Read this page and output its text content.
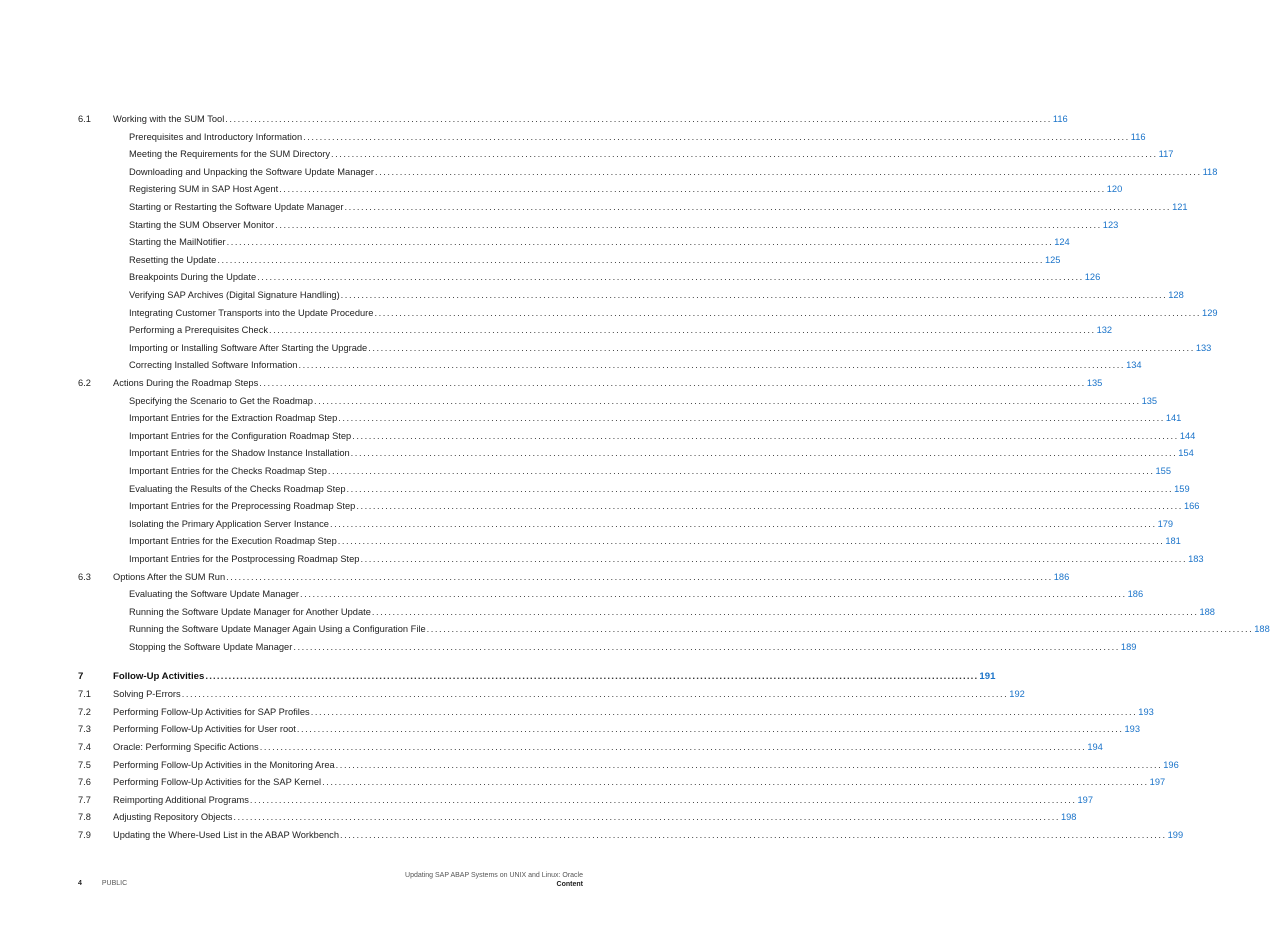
6.1	Working with the SUM Tool ........................................................................................................................................................................................................ 116
Prerequisites and Introductory Information ........................................................................................................................................................................................................ 116
Meeting the Requirements for the SUM Directory ........................................................................................................................................................................................................ 117
Downloading and Unpacking the Software Update Manager ........................................................................................................................................................................................................ 118
Registering SUM in SAP Host Agent ........................................................................................................................................................................................................ 120
Starting or Restarting the Software Update Manager ........................................................................................................................................................................................................ 121
Starting the SUM Observer Monitor ........................................................................................................................................................................................................ 123
Starting the MailNotifier ........................................................................................................................................................................................................ 124
Resetting the Update ........................................................................................................................................................................................................ 125
Breakpoints During the Update ........................................................................................................................................................................................................ 126
Verifying SAP Archives (Digital Signature Handling) ........................................................................................................................................................................................................ 128
Integrating Customer Transports into the Update Procedure ........................................................................................................................................................................................................ 129
Performing a Prerequisites Check ........................................................................................................................................................................................................ 132
Importing or Installing Software After Starting the Upgrade ........................................................................................................................................................................................................ 133
Correcting Installed Software Information ........................................................................................................................................................................................................ 134
6.2	Actions During the Roadmap Steps ........................................................................................................................................................................................................ 135
Specifying the Scenario to Get the Roadmap ........................................................................................................................................................................................................ 135
Important Entries for the Extraction Roadmap Step ........................................................................................................................................................................................................ 141
Important Entries for the Configuration Roadmap Step ........................................................................................................................................................................................................ 144
Important Entries for the Shadow Instance Installation ........................................................................................................................................................................................................ 154
Important Entries for the Checks Roadmap Step ........................................................................................................................................................................................................ 155
Evaluating the Results of the Checks Roadmap Step ........................................................................................................................................................................................................ 159
Important Entries for the Preprocessing Roadmap Step ........................................................................................................................................................................................................ 166
Isolating the Primary Application Server Instance ........................................................................................................................................................................................................ 179
Important Entries for the Execution Roadmap Step ........................................................................................................................................................................................................ 181
Important Entries for the Postprocessing Roadmap Step ........................................................................................................................................................................................................ 183
6.3	Options After the SUM Run ........................................................................................................................................................................................................ 186
Evaluating the Software Update Manager ........................................................................................................................................................................................................ 186
Running the Software Update Manager for Another Update ........................................................................................................................................................................................................ 188
Running the Software Update Manager Again Using a Configuration File ........................................................................................................................................................................................................ 188
Stopping the Software Update Manager ........................................................................................................................................................................................................ 189
7	Follow-Up Activities ........................................................................................................................................................................................................ 191
7.1	Solving P-Errors ........................................................................................................................................................................................................ 192
7.2	Performing Follow-Up Activities for SAP Profiles ........................................................................................................................................................................................................ 193
7.3	Performing Follow-Up Activities for User root ........................................................................................................................................................................................................ 193
7.4	Oracle: Performing Specific Actions ........................................................................................................................................................................................................ 194
7.5	Performing Follow-Up Activities in the Monitoring Area ........................................................................................................................................................................................................ 196
7.6	Performing Follow-Up Activities for the SAP Kernel ........................................................................................................................................................................................................ 197
7.7	Reimporting Additional Programs ........................................................................................................................................................................................................ 197
7.8	Adjusting Repository Objects ........................................................................................................................................................................................................ 198
7.9	Updating the Where-Used List in the ABAP Workbench ........................................................................................................................................................................................................ 199
4	PUBLIC
Updating SAP ABAP Systems on UNIX and Linux: Oracle
Content
